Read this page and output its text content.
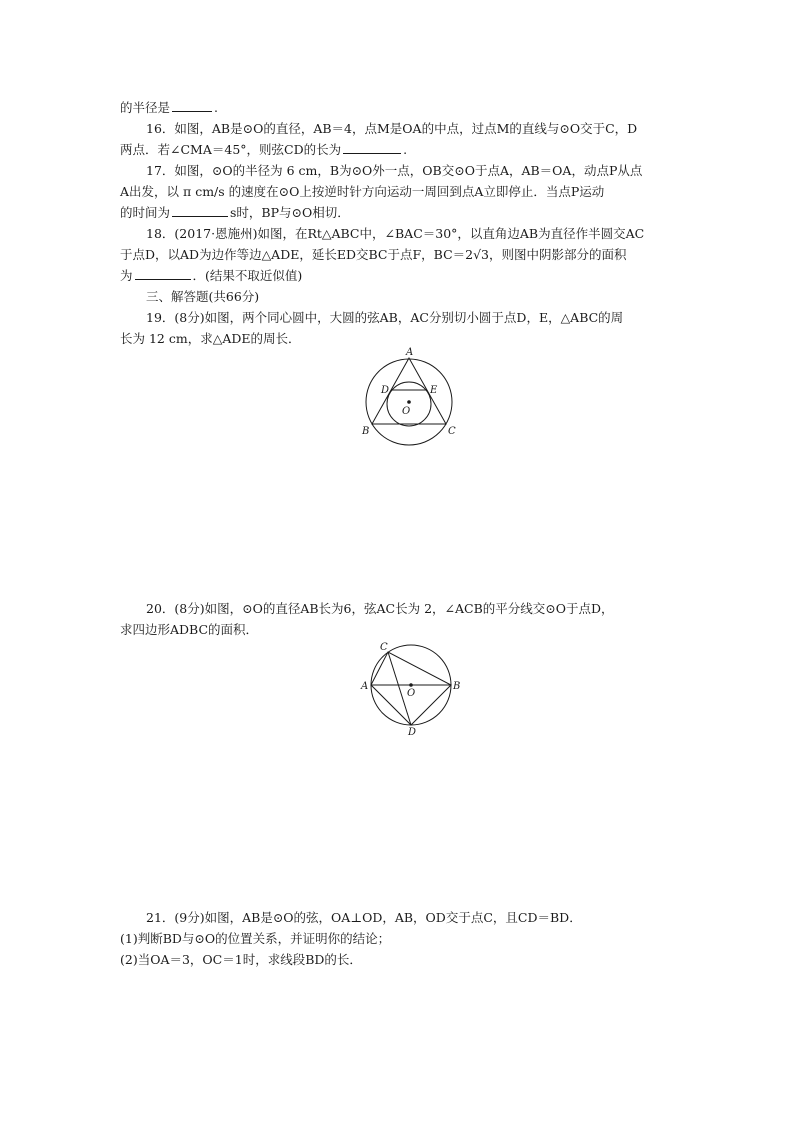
的半径是	.
16．如图，AB是⊙O的直径，AB＝4，点M是OA的中点，过点M的直线与⊙O交于C，D
两点．若∠CMA＝45°，则弦CD的长为	.
17．如图，⊙O的半径为 6 cm，B为⊙O外一点，OB交⊙O于点A，AB＝OA，动点P从点
A出发，以 π cm/s 的速度在⊙O上按逆时针方向运动一周回到点A立即停止．当点P运动
的时间为	s时，BP与⊙O相切．
18．(2017·恩施州)如图，在Rt△ABC中，∠BAC＝30°，以直角边AB为直径作半圆交AC
于点D，以AD为边作等边△ADE，延长ED交BC于点F，BC＝2√3，则图中阴影部分的面积
为	．(结果不取近似值)
三、解答题(共66分)
19．(8分)如图，两个同心圆中，大圆的弦AB，AC分别切小圆于点D，E，△ABC的周
长为 12 cm，求△ADE的周长．
A
B	C
D	E
O
20．(8分)如图，⊙O的直径AB长为6，弦AC长为 2，∠ACB的平分线交⊙O于点D，
求四边形ADBC的面积．
A	B
C
D
O
21．(9分)如图，AB是⊙O的弦，OA⊥OD，AB，OD交于点C，且CD＝BD．
(1)判断BD与⊙O的位置关系，并证明你的结论；
(2)当OA＝3，OC＝1时，求线段BD的长．
